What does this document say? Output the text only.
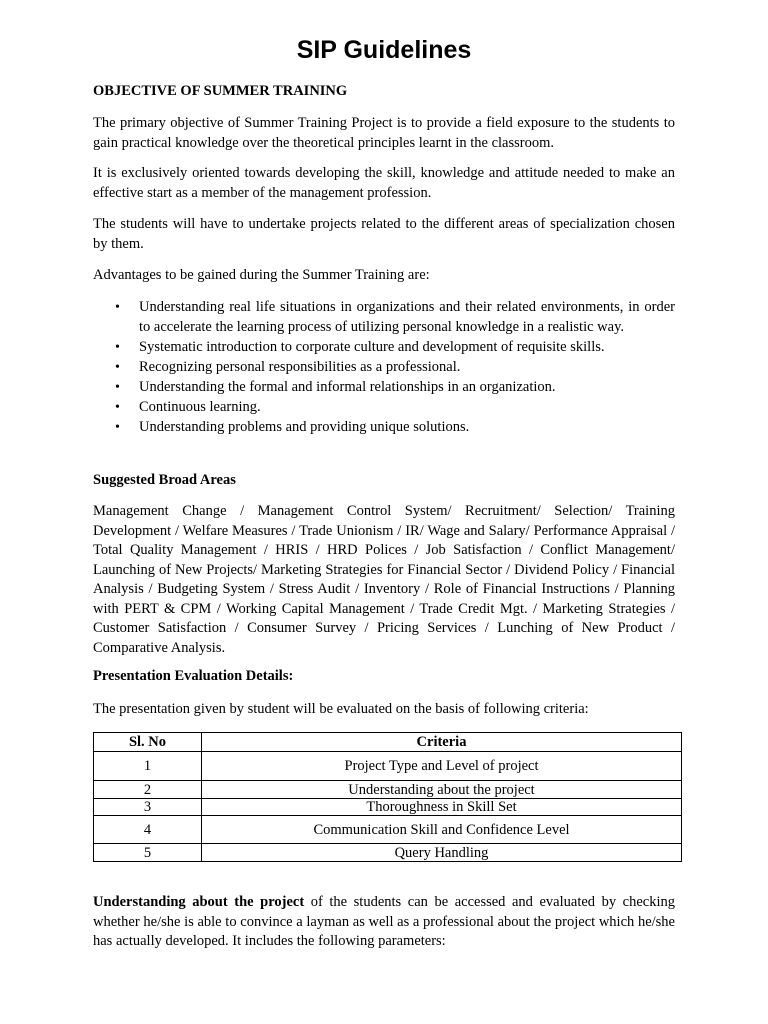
SIP Guidelines
OBJECTIVE OF SUMMER TRAINING

The primary objective of Summer Training Project is to provide a field exposure to the students to gain practical knowledge over the theoretical principles learnt in the classroom.

It is exclusively oriented towards developing the skill, knowledge and attitude needed to make an effective start as a member of the management profession.

The students will have to undertake projects related to the different areas of specialization chosen by them.

Advantages to be gained during the Summer Training are:

• Understanding real life situations in organizations and their related environments, in order to accelerate the learning process of utilizing personal knowledge in a realistic way.
• Systematic introduction to corporate culture and development of requisite skills.
• Recognizing personal responsibilities as a professional.
• Understanding the formal and informal relationships in an organization.
• Continuous learning.
• Understanding problems and providing unique solutions.
Suggested Broad Areas

Management Change / Management Control System/ Recruitment/ Selection/ Training Development / Welfare Measures / Trade Unionism / IR/ Wage and Salary/ Performance Appraisal / Total Quality Management / HRIS / HRD Polices / Job Satisfaction / Conflict Management/ Launching of New Projects/ Marketing Strategies for Financial Sector / Dividend Policy / Financial Analysis / Budgeting System / Stress Audit / Inventory / Role of Financial Instructions / Planning with PERT & CPM / Working Capital Management / Trade Credit Mgt. / Marketing Strategies / Customer Satisfaction / Consumer Survey / Pricing Services / Lunching of New Product / Comparative Analysis.

Presentation Evaluation Details:

The presentation given by student will be evaluated on the basis of following criteria:

Sl. No	Criteria
1	Project Type and Level of project
2	Understanding about the project
3	Thoroughness in Skill Set
4	Communication Skill and Confidence Level
5	Query Handling

Understanding about the project of the students can be accessed and evaluated by checking whether he/she is able to convince a layman as well as a professional about the project which he/she has actually developed. It includes the following parameters:
